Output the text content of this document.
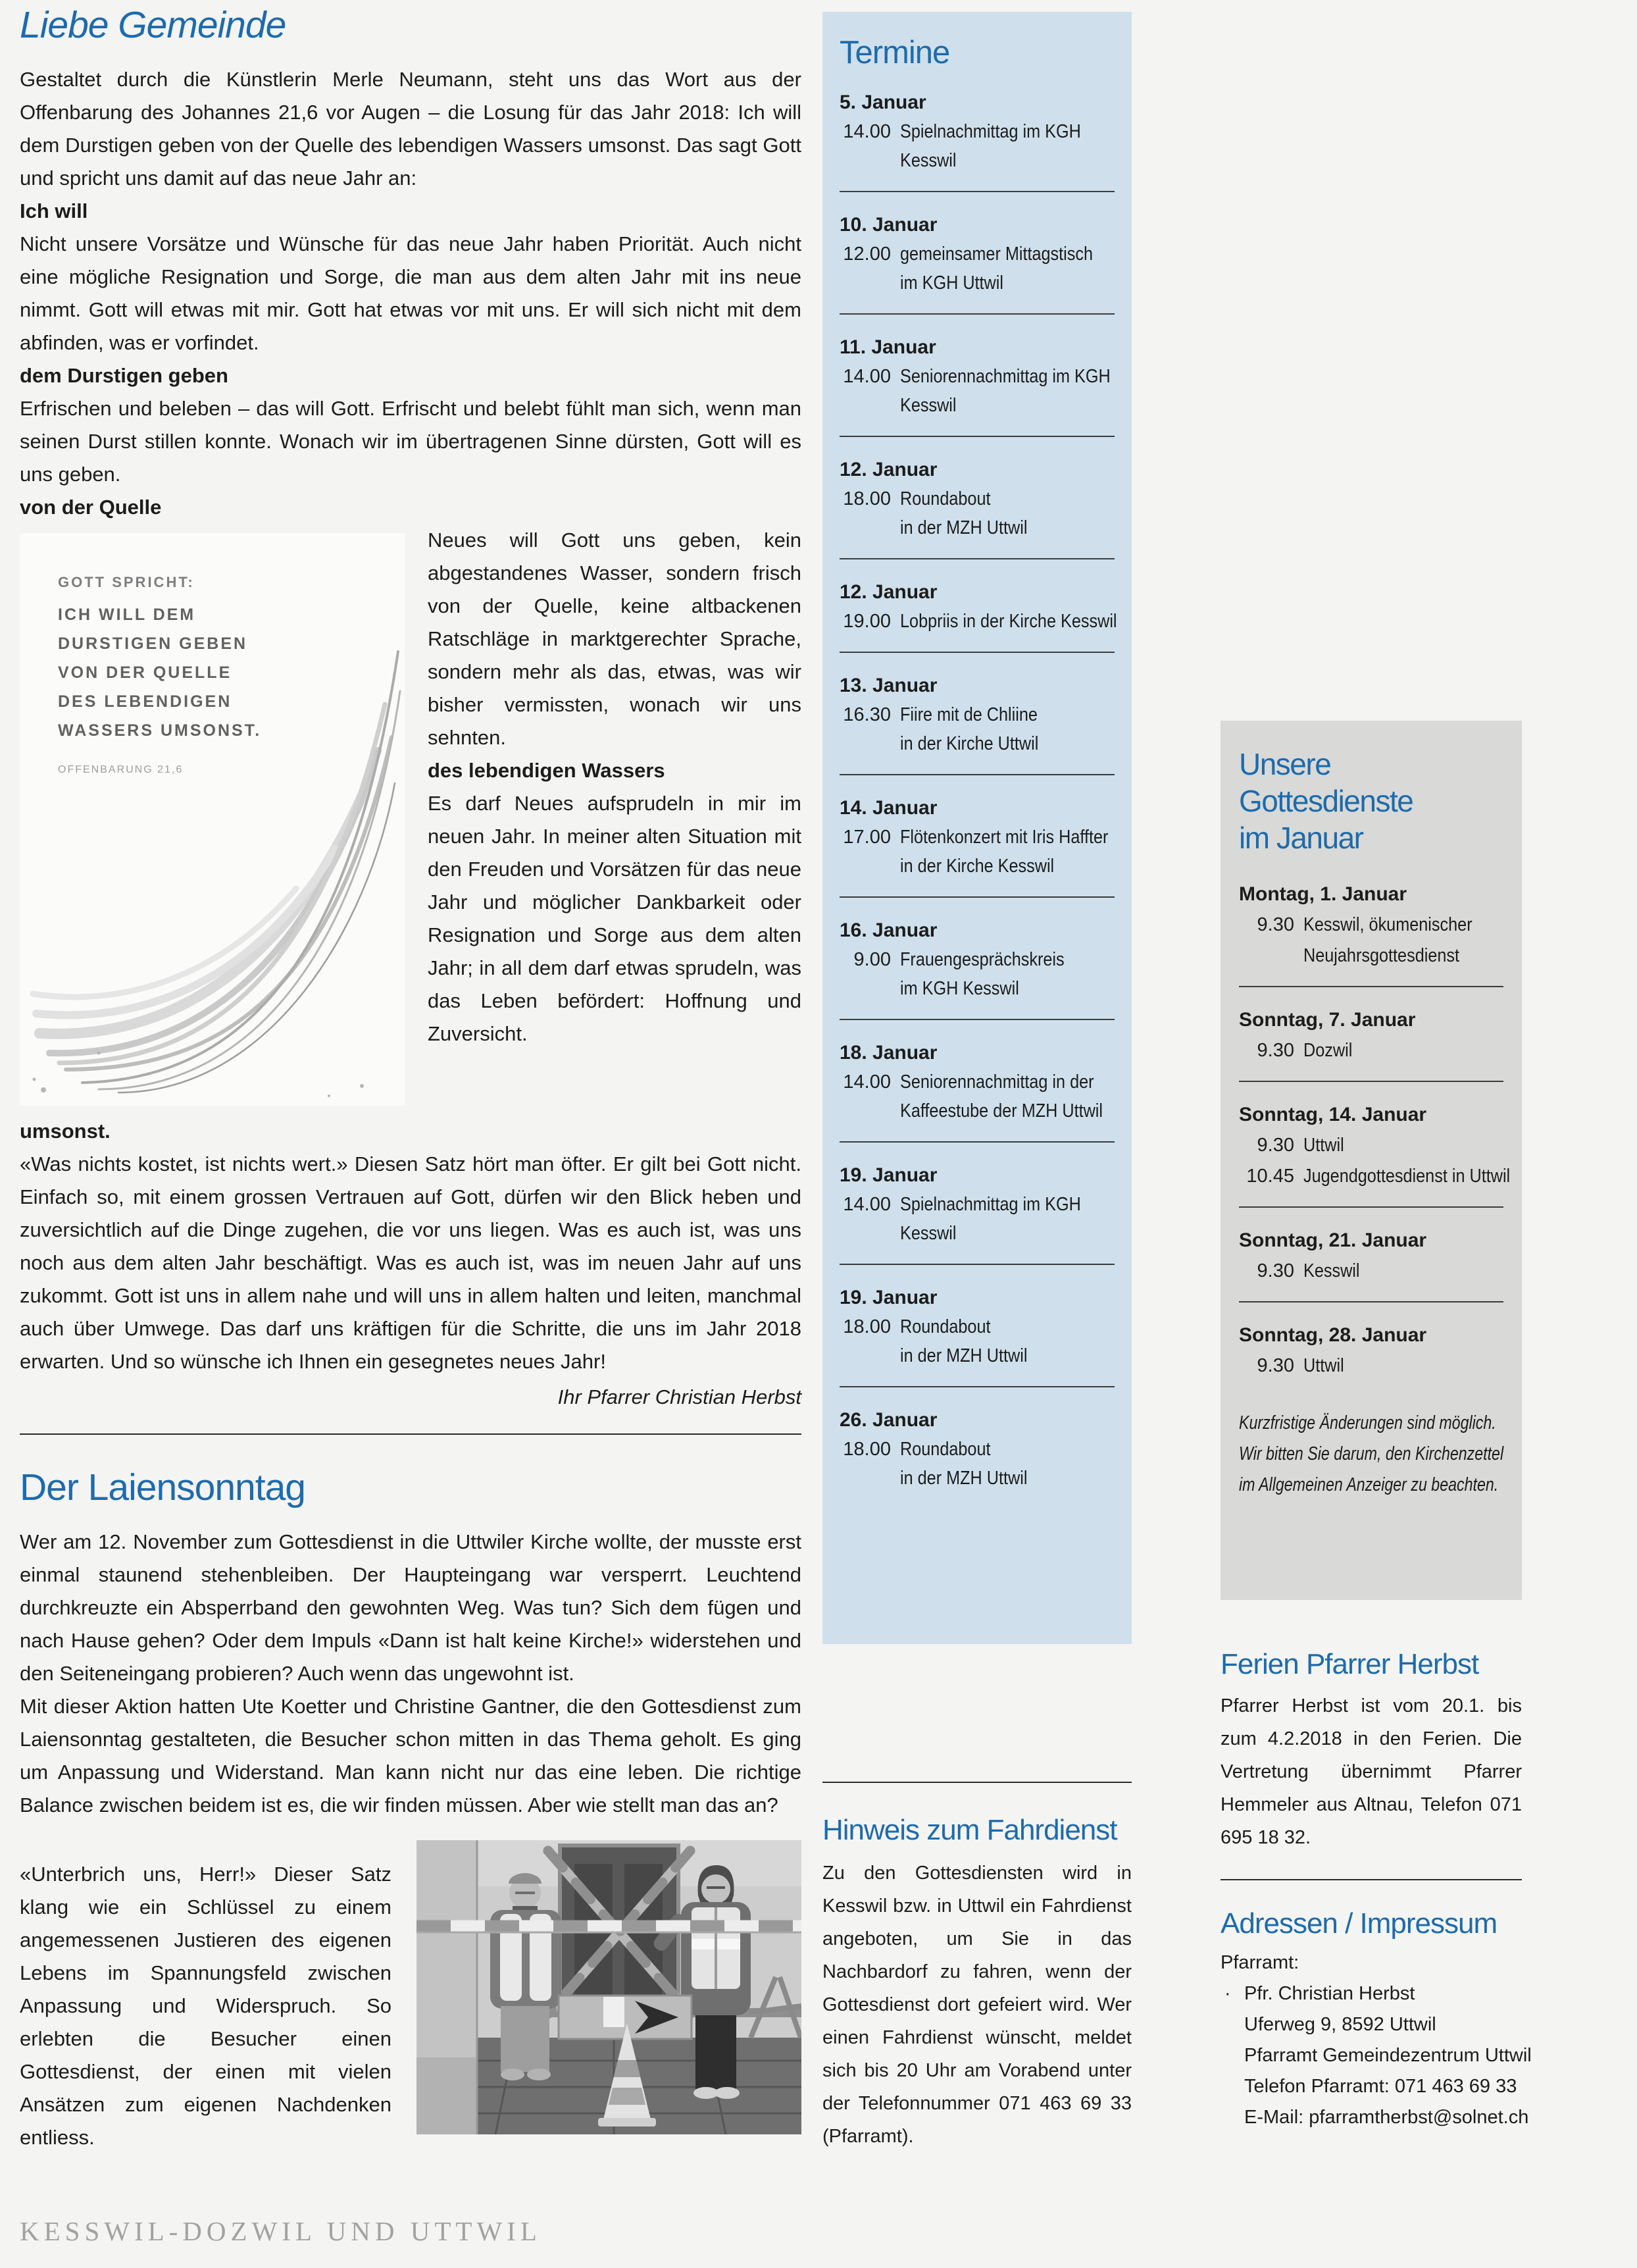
Liebe Gemeinde

Gestaltet durch die Künstlerin Merle Neumann, steht uns das Wort aus der Offenbarung des Johannes 21,6 vor Augen – die Losung für das Jahr 2018: Ich will dem Durstigen geben von der Quelle des lebendigen Wassers umsonst. Das sagt Gott und spricht uns damit auf das neue Jahr an:

Ich will

Nicht unsere Vorsätze und Wünsche für das neue Jahr haben Priorität. Auch nicht eine mögliche Resignation und Sorge, die man aus dem alten Jahr mit ins neue nimmt. Gott will etwas mit mir. Gott hat etwas vor mit uns. Er will sich nicht mit dem abfinden, was er vorfindet.

dem Durstigen geben

Erfrischen und beleben – das will Gott. Erfrischt und belebt fühlt man sich, wenn man seinen Durst stillen konnte. Wonach wir im übertragenen Sinne dürsten, Gott will es uns geben.

von der Quelle

GOTT SPRICHT:
ICH WILL DEM
DURSTIGEN GEBEN
VON DER QUELLE
DES LEBENDIGEN
WASSERS UMSONST.
OFFENBARUNG 21,6

Neues will Gott uns geben, kein abgestandenes Wasser, sondern frisch von der Quelle, keine altbackenen Ratschläge in marktgerechter Sprache, sondern mehr als das, etwas, was wir bisher vermissten, wonach wir uns sehnten.

des lebendigen Wassers

Es darf Neues aufsprudeln in mir im neuen Jahr. In meiner alten Situation mit den Freuden und Vorsätzen für das neue Jahr und möglicher Dankbarkeit oder Resignation und Sorge aus dem alten Jahr; in all dem darf etwas sprudeln, was das Leben befördert: Hoffnung und Zuversicht.

umsonst.

«Was nichts kostet, ist nichts wert.» Diesen Satz hört man öfter. Er gilt bei Gott nicht. Einfach so, mit einem grossen Vertrauen auf Gott, dürfen wir den Blick heben und zuversichtlich auf die Dinge zugehen, die vor uns liegen. Was es auch ist, was uns noch aus dem alten Jahr beschäftigt. Was es auch ist, was im neuen Jahr auf uns zukommt. Gott ist uns in allem nahe und will uns in allem halten und leiten, manchmal auch über Umwege. Das darf uns kräftigen für die Schritte, die uns im Jahr 2018 erwarten. Und so wünsche ich Ihnen ein gesegnetes neues Jahr!

Ihr Pfarrer Christian Herbst

Der Laiensonntag

Wer am 12. November zum Gottesdienst in die Uttwiler Kirche wollte, der musste erst einmal staunend stehenbleiben. Der Haupteingang war versperrt. Leuchtend durchkreuzte ein Absperrband den gewohnten Weg. Was tun? Sich dem fügen und nach Hause gehen? Oder dem Impuls «Dann ist halt keine Kirche!» widerstehen und den Seiteneingang probieren? Auch wenn das ungewohnt ist.

Mit dieser Aktion hatten Ute Koetter und Christine Gantner, die den Gottesdienst zum Laiensonntag gestalteten, die Besucher schon mitten in das Thema geholt. Es ging um Anpassung und Widerstand. Man kann nicht nur das eine leben. Die richtige Balance zwischen beidem ist es, die wir finden müssen. Aber wie stellt man das an?

«Unterbrich uns, Herr!» Dieser Satz klang wie ein Schlüssel zu einem angemessenen Justieren des eigenen Lebens im Spannungsfeld zwischen Anpassung und Widerspruch. So erlebten die Besucher einen Gottesdienst, der einen mit vielen Ansätzen zum eigenen Nachdenken entliess.

Termine
5. Januar
14.00 Spielnachmittag im KGH
Kesswil
10. Januar
12.00 gemeinsamer Mittagstisch
im KGH Uttwil
11. Januar
14.00 Seniorennachmittag im KGH
Kesswil
12. Januar
18.00 Roundabout
in der MZH Uttwil
12. Januar
19.00 Lobpriis in der Kirche Kesswil
13. Januar
16.30 Fiire mit de Chliine
in der Kirche Uttwil
14. Januar
17.00 Flötenkonzert mit Iris Haffter
in der Kirche Kesswil
16. Januar
9.00 Frauengesprächskreis
im KGH Kesswil
18. Januar
14.00 Seniorennachmittag in der
Kaffeestube der MZH Uttwil
19. Januar
14.00 Spielnachmittag im KGH
Kesswil
19. Januar
18.00 Roundabout
in der MZH Uttwil
26. Januar
18.00 Roundabout
in der MZH Uttwil
Hinweis zum Fahrdienst

Zu den Gottesdiensten wird in Kesswil bzw. in Uttwil ein Fahrdienst angeboten, um Sie in das Nachbardorf zu fahren, wenn der Gottesdienst dort gefeiert wird. Wer einen Fahrdienst wünscht, meldet sich bis 20 Uhr am Vorabend unter der Telefonnummer 071 463 69 33 (Pfarramt).

Unsere Gottesdienste
im Januar
Montag, 1. Januar
9.30 Kesswil, ökumenischer
Neujahrsgottesdienst
Sonntag, 7. Januar
9.30 Dozwil
Sonntag, 14. Januar
9.30 Uttwil
10.45 Jugendgottesdienst in Uttwil
Sonntag, 21. Januar
9.30 Kesswil
Sonntag, 28. Januar
9.30 Uttwil
Kurzfristige Änderungen sind möglich.
Wir bitten Sie darum, den Kirchenzettel
im Allgemeinen Anzeiger zu beachten.
Ferien Pfarrer Herbst

Pfarrer Herbst ist vom 20.1. bis zum 4.2.2018 in den Ferien. Die Vertretung übernimmt Pfarrer Hemmeler aus Altnau, Telefon 071 695 18 32.

Adressen / Impressum
Pfarramt:
· Pfr. Christian Herbst
Uferweg 9, 8592 Uttwil
Pfarramt Gemeindezentrum Uttwil
Telefon Pfarramt: 071 463 69 33
E-Mail: pfarramtherbst@solnet.ch
KESSWIL-DOZWIL UND UTTWIL
